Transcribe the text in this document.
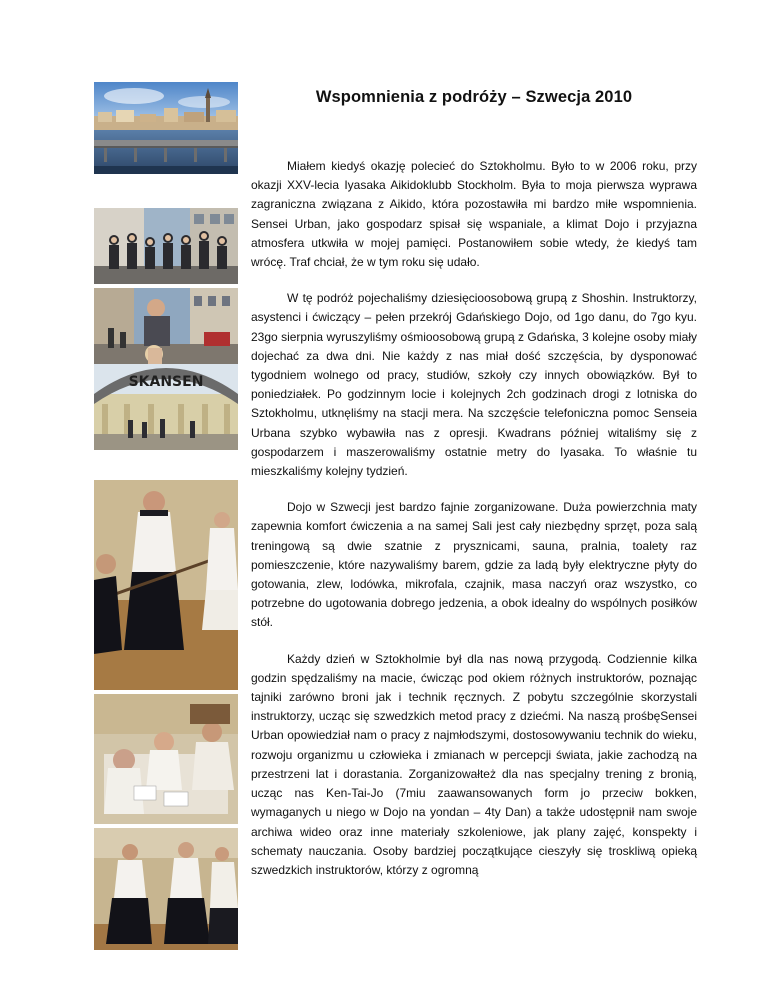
Wspomnienia z podróży – Szwecja 2010
SKANSEN

Miałem kiedyś okazję polecieć do Sztokholmu. Było to w 2006 roku, przy okazji XXV-lecia Iyasaka Aikidoklubb Stockholm. Była to moja pierwsza wyprawa zagraniczna związana z Aikido, która pozostawiła mi bardzo miłe wspomnienia. Sensei Urban, jako gospodarz spisał się wspaniale, a klimat Dojo i przyjazna atmosfera utkwiła w mojej pamięci. Postanowiłem sobie wtedy, że kiedyś tam wrócę. Traf chciał, że w tym roku się udało.

W tę podróż pojechaliśmy dziesięcioosobową grupą z Shoshin. Instruktorzy, asystenci i ćwiczący – pełen przekrój Gdańskiego Dojo, od 1go danu, do 7go kyu. 23go sierpnia wyruszyliśmy ośmioosobową grupą z Gdańska, 3 kolejne osoby miały dojechać za dwa dni. Nie każdy z nas miał dość szczęścia, by dysponować tygodniem wolnego od pracy, studiów, szkoły czy innych obowiązków. Był to poniedziałek. Po godzinnym locie i kolejnych 2ch godzinach drogi z lotniska do Sztokholmu, utknęliśmy na stacji mera. Na szczęście telefoniczna pomoc Senseia Urbana szybko wybawiła nas z opresji. Kwadrans później witaliśmy się z gospodarzem i maszerowaliśmy ostatnie metry do Iyasaka. To właśnie tu mieszkaliśmy kolejny tydzień.

Dojo w Szwecji jest bardzo fajnie zorganizowane. Duża powierzchnia maty zapewnia komfort ćwiczenia a na samej Sali jest cały niezbędny sprzęt, poza salą treningową są dwie szatnie z prysznicami, sauna, pralnia, toalety raz pomieszczenie, które nazywaliśmy barem, gdzie za ladą były elektryczne płyty do gotowania, zlew, lodówka, mikrofala, czajnik, masa naczyń oraz wszystko, co potrzebne do ugotowania dobrego jedzenia, a obok idealny do wspólnych posiłków stół.

Każdy dzień w Sztokholmie był dla nas nową przygodą. Codziennie kilka godzin spędzaliśmy na macie, ćwicząc pod okiem różnych instruktorów, poznając tajniki zarówno broni jak i technik ręcznych. Z pobytu szczególnie skorzystali instruktorzy, ucząc się szwedzkich metod pracy z dziećmi. Na naszą prośbęSensei Urban opowiedział nam o pracy z najmłodszymi, dostosowywaniu technik do wieku, rozwoju organizmu u człowieka i zmianach w percepcji świata, jakie zachodzą na przestrzeni lat i dorastania. Zorganizowałteż dla nas specjalny trening z bronią, ucząc nas Ken-Tai-Jo (7miu zaawansowanych form jo przeciw bokken, wymaganych u niego w Dojo na yondan – 4ty Dan) a także udostępnił nam swoje archiwa wideo oraz inne materiały szkoleniowe, jak plany zajęć, konspekty i schematy nauczania. Osoby bardziej początkujące cieszyły się troskliwą opieką szwedzkich instruktorów, którzy z ogromną
